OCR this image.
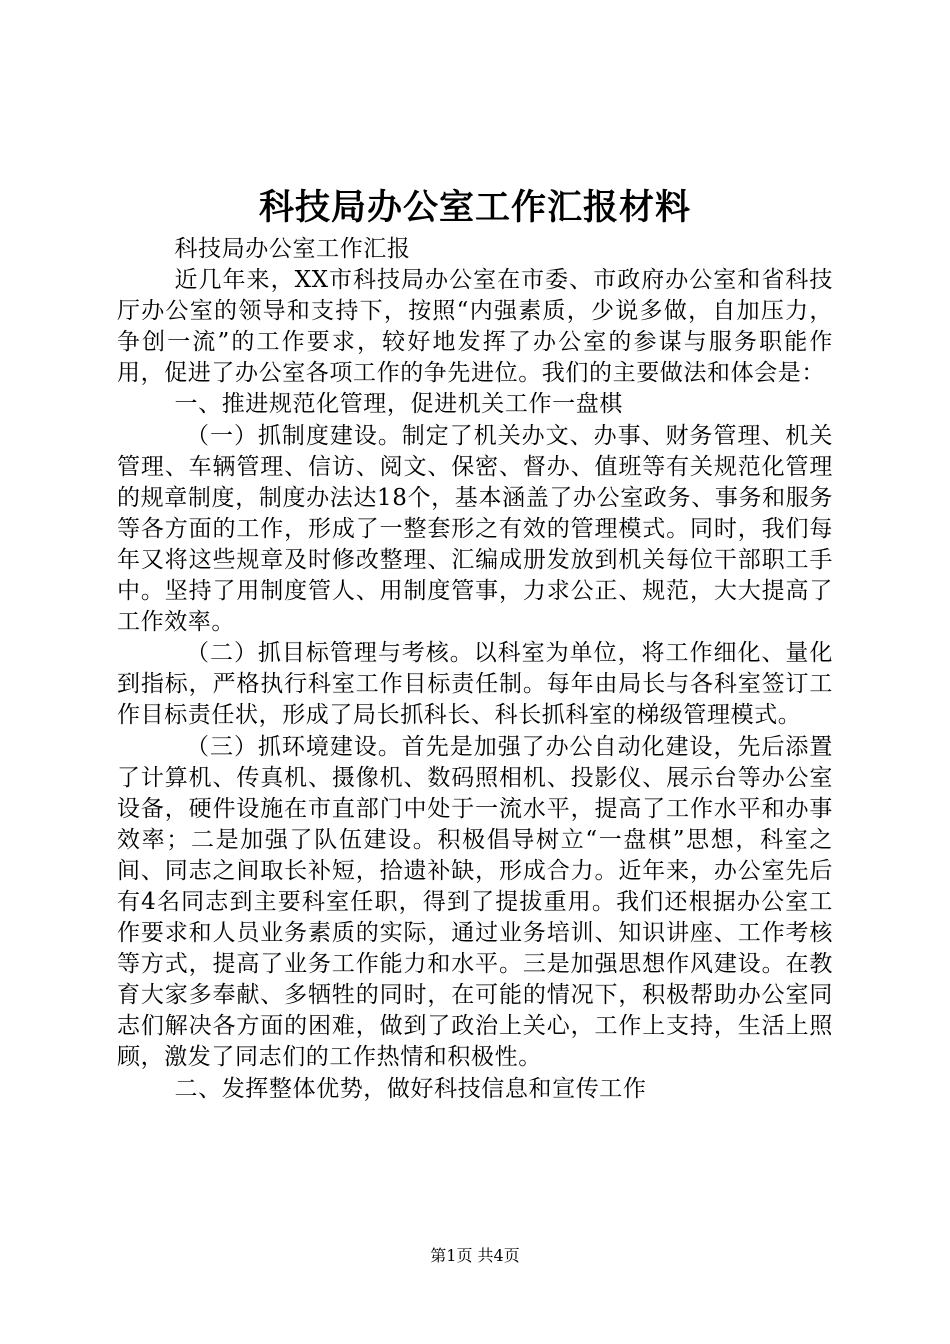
科技局办公室工作汇报材料

科技局办公室工作汇报

近几年来，XX市科技局办公室在市委、市政府办公室和省科技厅办公室的领导和支持下，按照“内强素质，少说多做，自加压力，争创一流”的工作要求，较好地发挥了办公室的参谋与服务职能作用，促进了办公室各项工作的争先进位。我们的主要做法和体会是：

一、推进规范化管理，促进机关工作一盘棋

（一）抓制度建设。制定了机关办文、办事、财务管理、机关管理、车辆管理、信访、阅文、保密、督办、值班等有关规范化管理的规章制度，制度办法达18个，基本涵盖了办公室政务、事务和服务等各方面的工作，形成了一整套形之有效的管理模式。同时，我们每年又将这些规章及时修改整理、汇编成册发放到机关每位干部职工手中。坚持了用制度管人、用制度管事，力求公正、规范，大大提高了工作效率。

（二）抓目标管理与考核。以科室为单位，将工作细化、量化到指标，严格执行科室工作目标责任制。每年由局长与各科室签订工作目标责任状，形成了局长抓科长、科长抓科室的梯级管理模式。

（三）抓环境建设。首先是加强了办公自动化建设，先后添置了计算机、传真机、摄像机、数码照相机、投影仪、展示台等办公室设备，硬件设施在市直部门中处于一流水平，提高了工作水平和办事效率；二是加强了队伍建设。积极倡导树立“一盘棋”思想，科室之间、同志之间取长补短，拾遗补缺，形成合力。近年来，办公室先后有4名同志到主要科室任职，得到了提拔重用。我们还根据办公室工作要求和人员业务素质的实际，通过业务培训、知识讲座、工作考核等方式，提高了业务工作能力和水平。三是加强思想作风建设。在教育大家多奉献、多牺牲的同时，在可能的情况下，积极帮助办公室同志们解决各方面的困难，做到了政治上关心，工作上支持，生活上照顾，激发了同志们的工作热情和积极性。

二、发挥整体优势，做好科技信息和宣传工作

第1页 共4页
